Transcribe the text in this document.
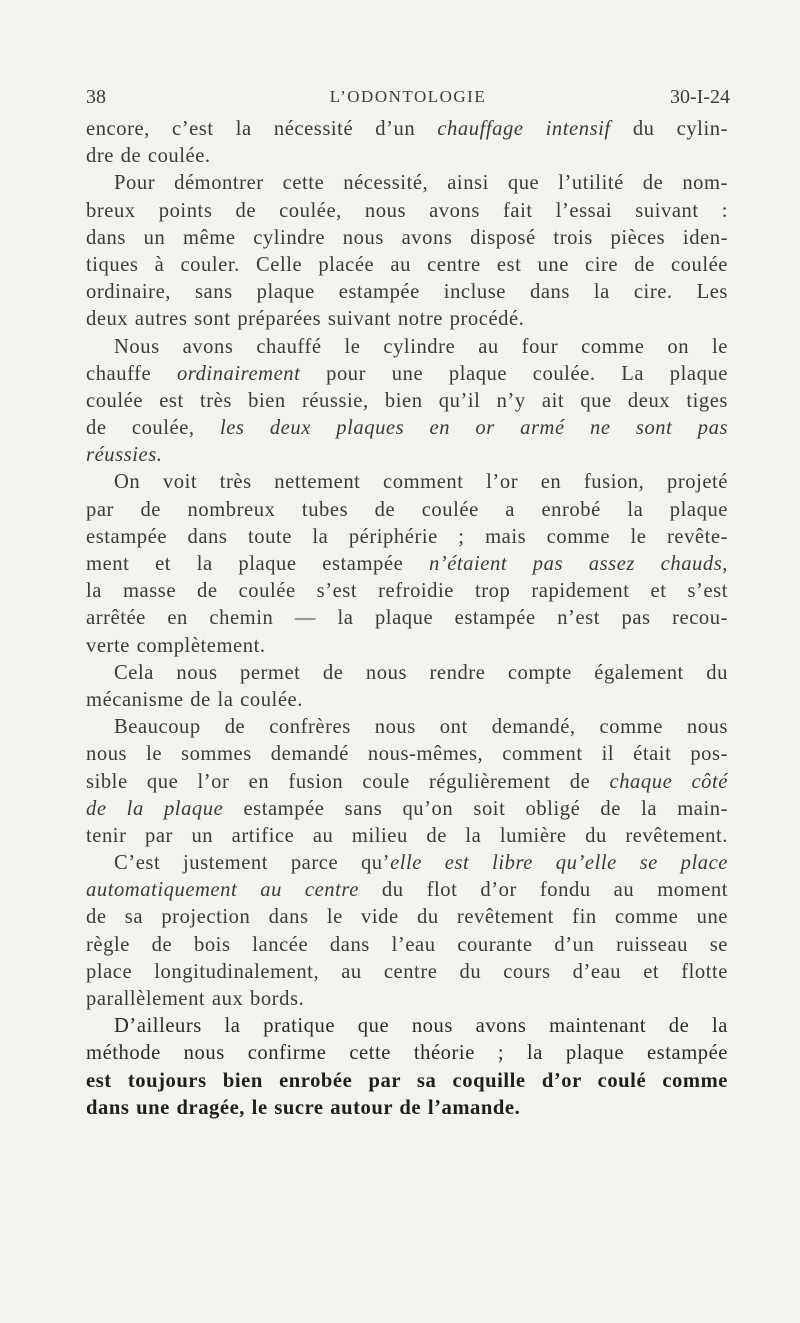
38	L’ODONTOLOGIE	30-I-24
encore, c’est la nécessité d’un chauffage intensif du cylin-
dre de coulée.
Pour démontrer cette nécessité, ainsi que l’utilité de nom-
breux points de coulée, nous avons fait l’essai suivant :
dans un même cylindre nous avons disposé trois pièces iden-
tiques à couler. Celle placée au centre est une cire de coulée
ordinaire, sans plaque estampée incluse dans la cire. Les
deux autres sont préparées suivant notre procédé.
Nous avons chauffé le cylindre au four comme on le
chauffe ordinairement pour une plaque coulée. La plaque
coulée est très bien réussie, bien qu’il n’y ait que deux tiges
de coulée, les deux plaques en or armé ne sont pas
réussies.
On voit très nettement comment l’or en fusion, projeté
par de nombreux tubes de coulée a enrobé la plaque
estampée dans toute la périphérie ; mais comme le revête-
ment et la plaque estampée n’étaient pas assez chauds,
la masse de coulée s’est refroidie trop rapidement et s’est
arrêtée en chemin — la plaque estampée n’est pas recou-
verte complètement.
Cela nous permet de nous rendre compte également du
mécanisme de la coulée.
Beaucoup de confrères nous ont demandé, comme nous
nous le sommes demandé nous-mêmes, comment il était pos-
sible que l’or en fusion coule régulièrement de chaque côté
de la plaque estampée sans qu’on soit obligé de la main-
tenir par un artifice au milieu de la lumière du revêtement.
C’est justement parce qu’elle est libre qu’elle se place
automatiquement au centre du flot d’or fondu au moment
de sa projection dans le vide du revêtement fin comme une
règle de bois lancée dans l’eau courante d’un ruisseau se
place longitudinalement, au centre du cours d’eau et flotte
parallèlement aux bords.
D’ailleurs la pratique que nous avons maintenant de la
méthode nous confirme cette théorie ; la plaque estampée
est toujours bien enrobée par sa coquille d’or coulé comme
dans une dragée, le sucre autour de l’amande.
